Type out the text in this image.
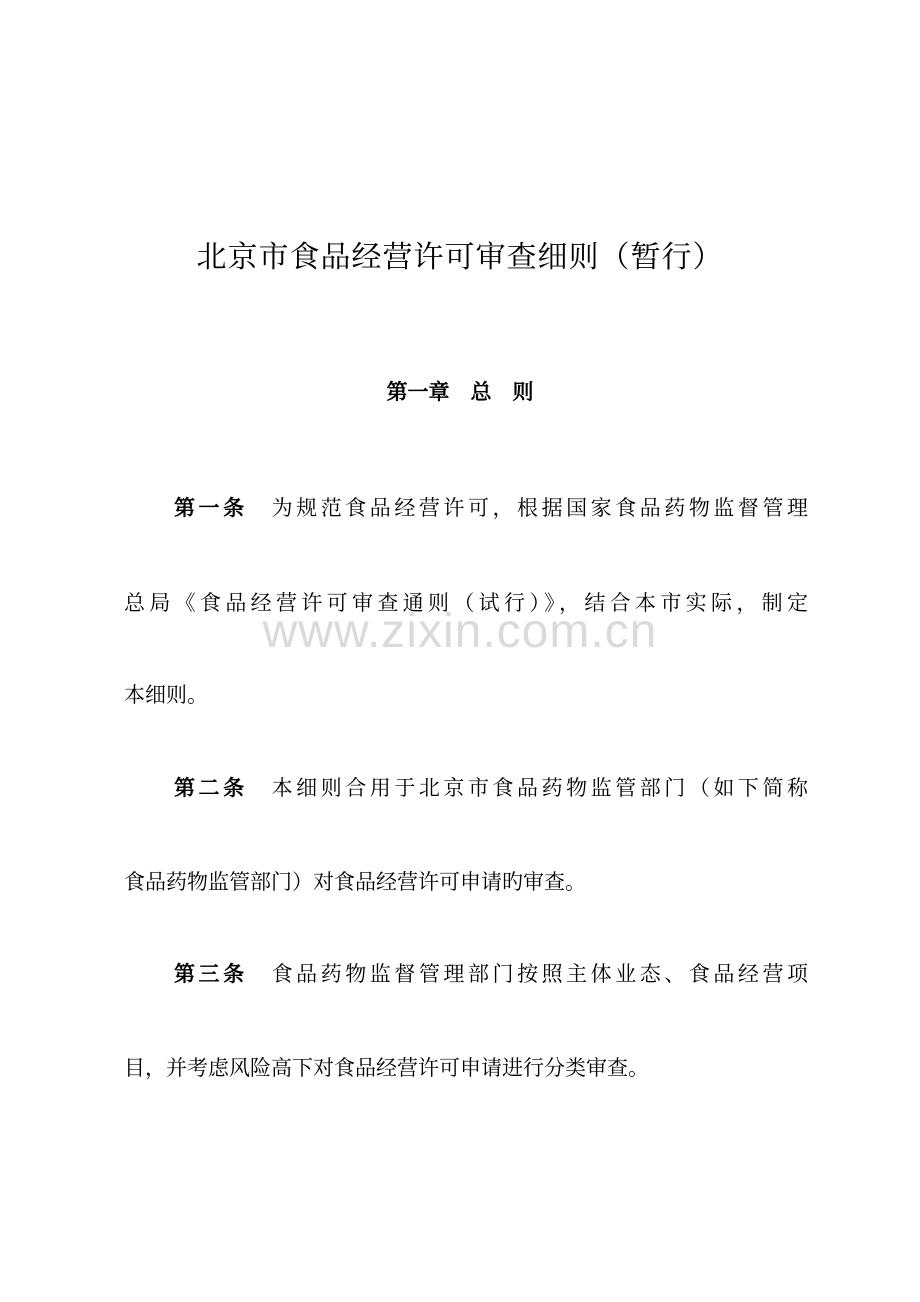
北京市食品经营许可审查细则（暂行）
第一章　总　则
第一条 为规范食品经营许可，根据国家食品药物监督管理
总局《食品经营许可审查通则（试行）》，结合本市实际，制定
本细则。
第二条 本细则合用于北京市食品药物监管部门（如下简称
食品药物监管部门）对食品经营许可申请旳审查。
第三条 食品药物监督管理部门按照主体业态、食品经营项
目，并考虑风险高下对食品经营许可申请进行分类审查。
www.zixin.com.cn
